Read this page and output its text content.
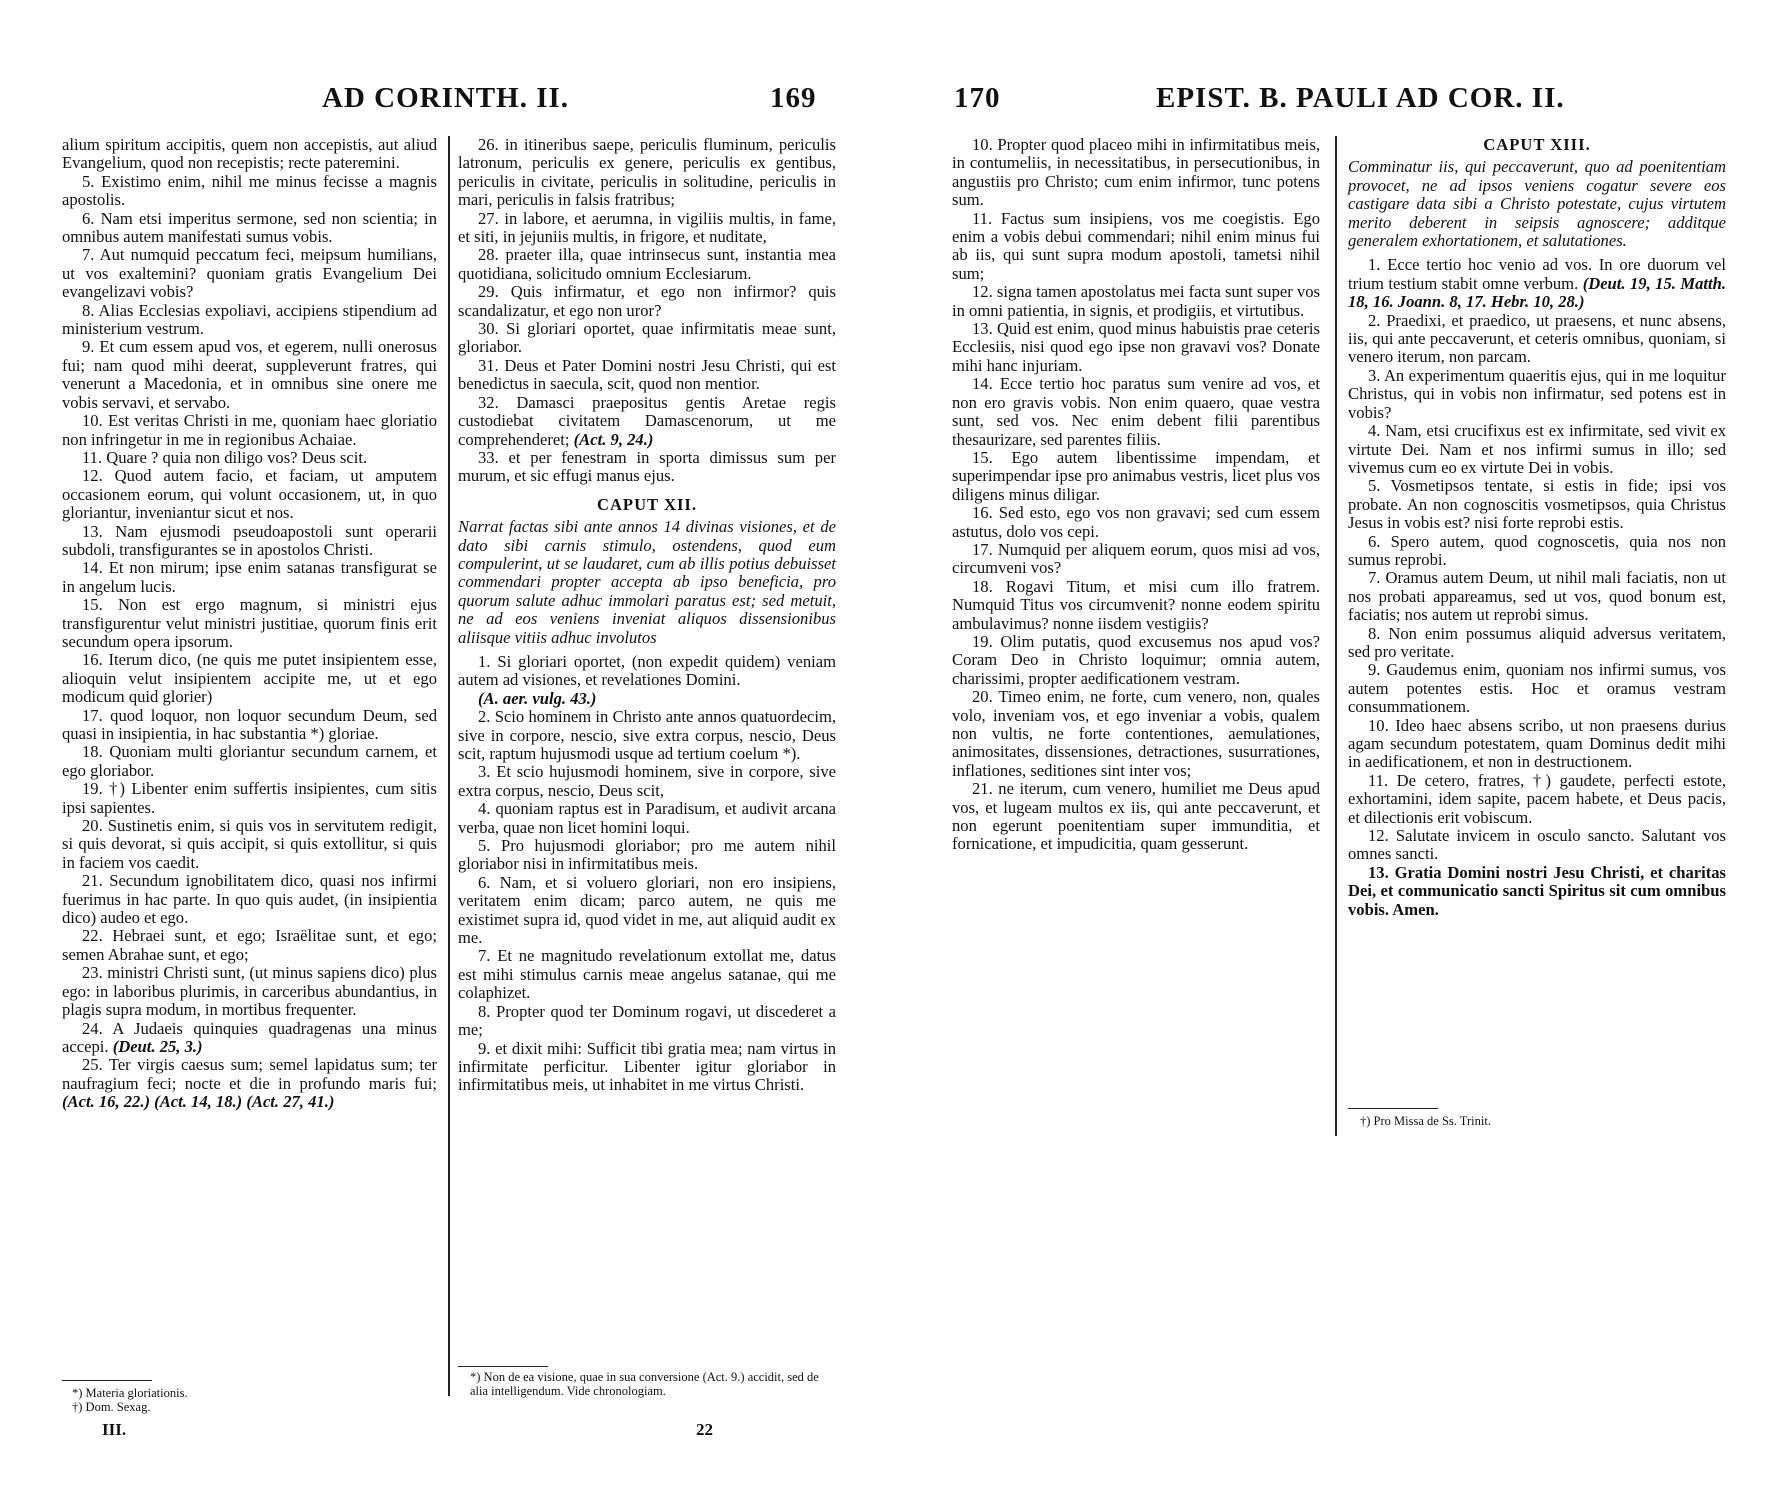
AD CORINTH. II.	169

alium spiritum accipitis, quem non accepistis, aut aliud Evangelium, quod non recepistis; recte pateremini.

5. Existimo enim, nihil me minus fecisse a magnis apostolis.

6. Nam etsi imperitus sermone, sed non scientia; in omnibus autem manifestati sumus vobis.

7. Aut numquid peccatum feci, meipsum humilians, ut vos exaltemini? quoniam gratis Evangelium Dei evangelizavi vobis?

8. Alias Ecclesias expoliavi, accipiens stipendium ad ministerium vestrum.

9. Et cum essem apud vos, et egerem, nulli onerosus fui; nam quod mihi deerat, suppleverunt fratres, qui venerunt a Macedonia, et in omnibus sine onere me vobis servavi, et servabo.

10. Est veritas Christi in me, quoniam haec gloriatio non infringetur in me in regionibus Achaiae.

11. Quare ? quia non diligo vos? Deus scit.

12. Quod autem facio, et faciam, ut amputem occasionem eorum, qui volunt occasionem, ut, in quo gloriantur, inveniantur sicut et nos.

13. Nam ejusmodi pseudoapostoli sunt operarii subdoli, transfigurantes se in apostolos Christi.

14. Et non mirum; ipse enim satanas transfigurat se in angelum lucis.

15. Non est ergo magnum, si ministri ejus transfigurentur velut ministri justitiae, quorum finis erit secundum opera ipsorum.

16. Iterum dico, (ne quis me putet insipientem esse, alioquin velut insipientem accipite me, ut et ego modicum quid glorier)

17. quod loquor, non loquor secundum Deum, sed quasi in insipientia, in hac substantia *) gloriae.

18. Quoniam multi gloriantur secundum carnem, et ego gloriabor.

19. †) Libenter enim suffertis insipientes, cum sitis ipsi sapientes.

20. Sustinetis enim, si quis vos in servitutem redigit, si quis devorat, si quis accipit, si quis extollitur, si quis in faciem vos caedit.

21. Secundum ignobilitatem dico, quasi nos infirmi fuerimus in hac parte. In quo quis audet, (in insipientia dico) audeo et ego.

22. Hebraei sunt, et ego; Israëlitae sunt, et ego; semen Abrahae sunt, et ego;

23. ministri Christi sunt, (ut minus sapiens dico) plus ego: in laboribus plurimis, in carceribus abundantius, in plagis supra modum, in mortibus frequenter.

24. A Judaeis quinquies quadragenas una minus accepi. (Deut. 25, 3.)

25. Ter virgis caesus sum; semel lapidatus sum; ter naufragium feci; nocte et die in profundo maris fui; (Act. 16, 22.) (Act. 14, 18.) (Act. 27, 41.)

26. in itineribus saepe, periculis fluminum, periculis latronum, periculis ex genere, periculis ex gentibus, periculis in civitate, periculis in solitudine, periculis in mari, periculis in falsis fratribus;

27. in labore, et aerumna, in vigiliis multis, in fame, et siti, in jejuniis multis, in frigore, et nuditate,

28. praeter illa, quae intrinsecus sunt, instantia mea quotidiana, solicitudo omnium Ecclesiarum.

29. Quis infirmatur, et ego non infirmor? quis scandalizatur, et ego non uror?

30. Si gloriari oportet, quae infirmitatis meae sunt, gloriabor.

31. Deus et Pater Domini nostri Jesu Christi, qui est benedictus in saecula, scit, quod non mentior.

32. Damasci praepositus gentis Aretae regis custodiebat civitatem Damascenorum, ut me comprehenderet; (Act. 9, 24.)

33. et per fenestram in sporta dimissus sum per murum, et sic effugi manus ejus.

CAPUT XII.

Narrat factas sibi ante annos 14 divinas visiones, et de dato sibi carnis stimulo, ostendens, quod eum compulerint, ut se laudaret, cum ab illis potius debuisset commendari propter accepta ab ipso beneficia, pro quorum salute adhuc immolari paratus est; sed metuit, ne ad eos veniens inveniat aliquos dissensionibus aliisque vitiis adhuc involutos

1. Si gloriari oportet, (non expedit quidem) veniam autem ad visiones, et revelationes Domini.

(A. aer. vulg. 43.)

2. Scio hominem in Christo ante annos quatuordecim, sive in corpore, nescio, sive extra corpus, nescio, Deus scit, raptum hujusmodi usque ad tertium coelum *).

3. Et scio hujusmodi hominem, sive in corpore, sive extra corpus, nescio, Deus scit,

4. quoniam raptus est in Paradisum, et audivit arcana verba, quae non licet homini loqui.

5. Pro hujusmodi gloriabor; pro me autem nihil gloriabor nisi in infirmitatibus meis.

6. Nam, et si voluero gloriari, non ero insipiens, veritatem enim dicam; parco autem, ne quis me existimet supra id, quod videt in me, aut aliquid audit ex me.

7. Et ne magnitudo revelationum extollat me, datus est mihi stimulus carnis meae angelus satanae, qui me colaphizet.

8. Propter quod ter Dominum rogavi, ut discederet a me;

9. et dixit mihi: Sufficit tibi gratia mea; nam virtus in infirmitate perficitur. Libenter igitur gloriabor in infirmitatibus meis, ut inhabitet in me virtus Christi.

*) Materia gloriationis.

†) Dom. Sexag.

III.

*) Non de ea visione, quae in sua conversione (Act. 9.) accidit, sed de alia intelligendum. Vide chronologiam.

22
170	EPIST. B. PAULI AD COR. II.

10. Propter quod placeo mihi in infirmitatibus meis, in contumeliis, in necessitatibus, in persecutionibus, in angustiis pro Christo; cum enim infirmor, tunc potens sum.

11. Factus sum insipiens, vos me coegistis. Ego enim a vobis debui commendari; nihil enim minus fui ab iis, qui sunt supra modum apostoli, tametsi nihil sum;

12. signa tamen apostolatus mei facta sunt super vos in omni patientia, in signis, et prodigiis, et virtutibus.

13. Quid est enim, quod minus habuistis prae ceteris Ecclesiis, nisi quod ego ipse non gravavi vos? Donate mihi hanc injuriam.

14. Ecce tertio hoc paratus sum venire ad vos, et non ero gravis vobis. Non enim quaero, quae vestra sunt, sed vos. Nec enim debent filii parentibus thesaurizare, sed parentes filiis.

15. Ego autem libentissime impendam, et superimpendar ipse pro animabus vestris, licet plus vos diligens minus diligar.

16. Sed esto, ego vos non gravavi; sed cum essem astutus, dolo vos cepi.

17. Numquid per aliquem eorum, quos misi ad vos, circumveni vos?

18. Rogavi Titum, et misi cum illo fratrem. Numquid Titus vos circumvenit? nonne eodem spiritu ambulavimus? nonne iisdem vestigiis?

19. Olim putatis, quod excusemus nos apud vos? Coram Deo in Christo loquimur; omnia autem, charissimi, propter aedificationem vestram.

20. Timeo enim, ne forte, cum venero, non, quales volo, inveniam vos, et ego inveniar a vobis, qualem non vultis, ne forte contentiones, aemulationes, animositates, dissensiones, detractiones, susurrationes, inflationes, seditiones sint inter vos;

21. ne iterum, cum venero, humiliet me Deus apud vos, et lugeam multos ex iis, qui ante peccaverunt, et non egerunt poenitentiam super immunditia, et fornicatione, et impudicitia, quam gesserunt.

CAPUT XIII.

Comminatur iis, qui peccaverunt, quo ad poenitentiam provocet, ne ad ipsos veniens cogatur severe eos castigare data sibi a Christo potestate, cujus virtutem merito deberent in seipsis agnoscere; additque generalem exhortationem, et salutationes.

1. Ecce tertio hoc venio ad vos. In ore duorum vel trium testium stabit omne verbum. (Deut. 19, 15. Matth. 18, 16. Joann. 8, 17. Hebr. 10, 28.)

2. Praedixi, et praedico, ut praesens, et nunc absens, iis, qui ante peccaverunt, et ceteris omnibus, quoniam, si venero iterum, non parcam.

3. An experimentum quaeritis ejus, qui in me loquitur Christus, qui in vobis non infirmatur, sed potens est in vobis?

4. Nam, etsi crucifixus est ex infirmitate, sed vivit ex virtute Dei. Nam et nos infirmi sumus in illo; sed vivemus cum eo ex virtute Dei in vobis.

5. Vosmetipsos tentate, si estis in fide; ipsi vos probate. An non cognoscitis vosmetipsos, quia Christus Jesus in vobis est? nisi forte reprobi estis.

6. Spero autem, quod cognoscetis, quia nos non sumus reprobi.

7. Oramus autem Deum, ut nihil mali faciatis, non ut nos probati appareamus, sed ut vos, quod bonum est, faciatis; nos autem ut reprobi simus.

8. Non enim possumus aliquid adversus veritatem, sed pro veritate.

9. Gaudemus enim, quoniam nos infirmi sumus, vos autem potentes estis. Hoc et oramus vestram consummationem.

10. Ideo haec absens scribo, ut non praesens durius agam secundum potestatem, quam Dominus dedit mihi in aedificationem, et non in destructionem.

11. De cetero, fratres, †) gaudete, perfecti estote, exhortamini, idem sapite, pacem habete, et Deus pacis, et dilectionis erit vobiscum.

12. Salutate invicem in osculo sancto. Salutant vos omnes sancti.

13. Gratia Domini nostri Jesu Christi, et charitas Dei, et communicatio sancti Spiritus sit cum omnibus vobis. Amen.

†) Pro Missa de Ss. Trinit.
